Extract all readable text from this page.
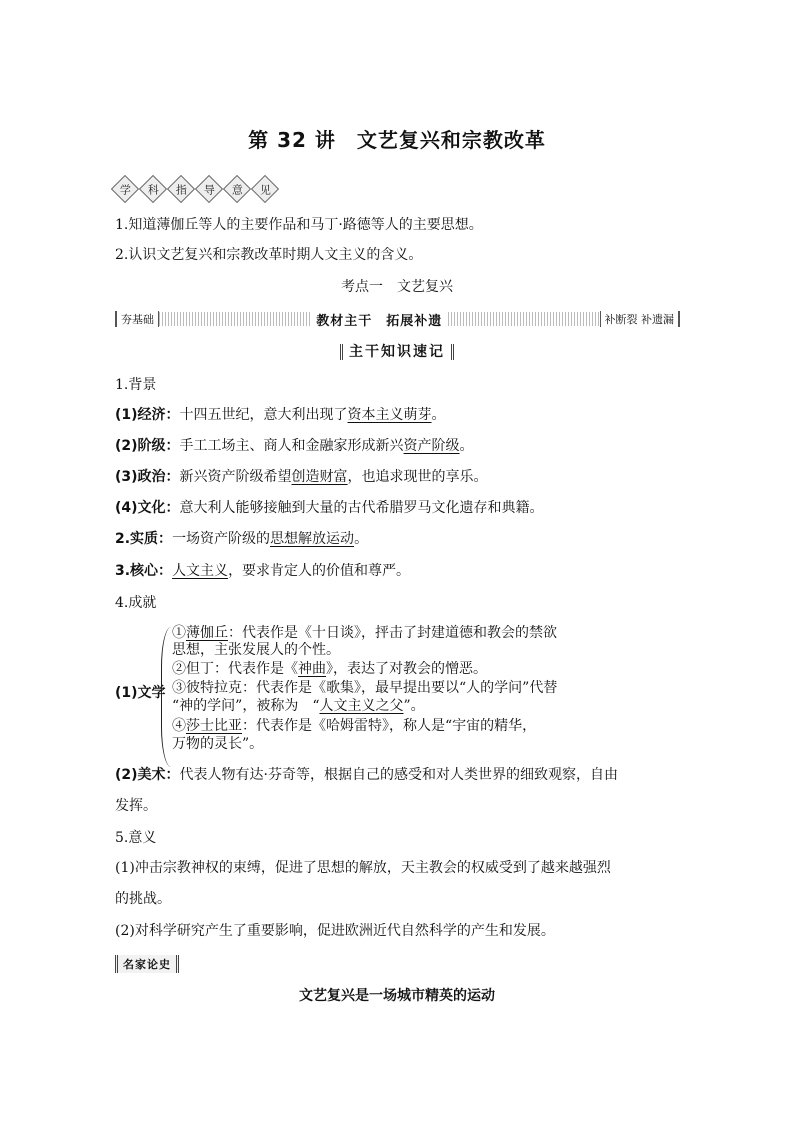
第 32 讲　文艺复兴和宗教改革
学 科 指 导 意 见
1.知道薄伽丘等人的主要作品和马丁·路德等人的主要思想。
2.认识文艺复兴和宗教改革时期人文主义的含义。
考点一　文艺复兴
夯基础	教材主干　拓展补遗	补断裂 补遗漏
主干知识速记
1.背景
(1)经济：十四五世纪，意大利出现了资本主义萌芽。
(2)阶级：手工工场主、商人和金融家形成新兴资产阶级。
(3)政治：新兴资产阶级希望创造财富，也追求现世的享乐。
(4)文化：意大利人能够接触到大量的古代希腊罗马文化遗存和典籍。
2.实质：一场资产阶级的思想解放运动。
3.核心：人文主义，要求肯定人的价值和尊严。
4.成就
(1)文学
①薄伽丘：代表作是《十日谈》，抨击了封建道德和教会的禁欲
思想，主张发展人的个性。
②但丁：代表作是《神曲》，表达了对教会的憎恶。
③彼特拉克：代表作是《歌集》，最早提出要以“人的学问”代替
“神的学问”，被称为　“人文主义之父”。
④莎士比亚：代表作是《哈姆雷特》，称人是“宇宙的精华，
万物的灵长”。
(2)美术：代表人物有达·芬奇等，根据自己的感受和对人类世界的细致观察，自由
发挥。
5.意义
(1)冲击宗教神权的束缚，促进了思想的解放，天主教会的权威受到了越来越强烈
的挑战。
(2)对科学研究产生了重要影响，促进欧洲近代自然科学的产生和发展。
名家论史
文艺复兴是一场城市精英的运动
